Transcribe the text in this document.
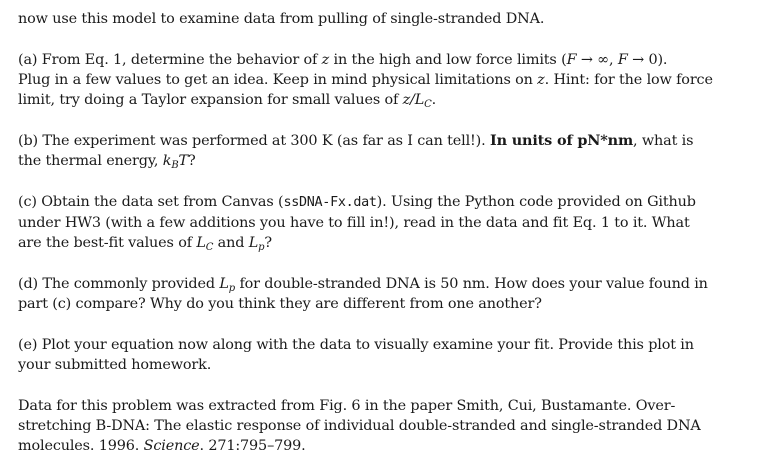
now use this model to examine data from pulling of single-stranded DNA.

(a) From Eq. 1, determine the behavior of z in the high and low force limits (F → ∞, F → 0).
Plug in a few values to get an idea. Keep in mind physical limitations on z. Hint: for the low force
limit, try doing a Taylor expansion for small values of $z/L_C$.

(b) The experiment was performed at 300 K (as far as I can tell!). In units of pN*nm, what is
the thermal energy, $k_BT$?

(c) Obtain the data set from Canvas (ssDNA-Fx.dat). Using the Python code provided on Github
under HW3 (with a few additions you have to fill in!), read in the data and fit Eq. 1 to it. What
are the best-fit values of $L_C$ and $L_p$?

(d) The commonly provided $L_p$ for double-stranded DNA is 50 nm. How does your value found in
part (c) compare? Why do you think they are different from one another?

(e) Plot your equation now along with the data to visually examine your fit. Provide this plot in
your submitted homework.

Data for this problem was extracted from Fig. 6 in the paper Smith, Cui, Bustamante. Over-
stretching B-DNA: The elastic response of individual double-stranded and single-stranded DNA
molecules. 1996. Science. 271:795–799.
